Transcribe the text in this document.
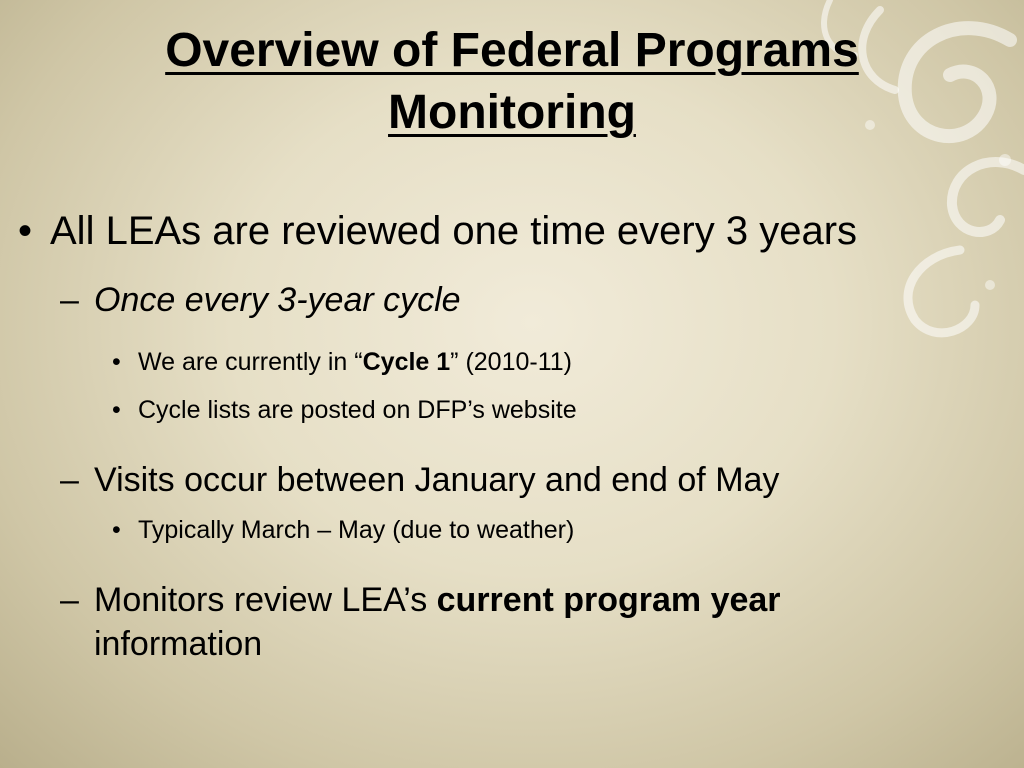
Overview of Federal Programs
Monitoring
• All LEAs are reviewed one time every 3 years
– Once every 3-year cycle
• We are currently in “Cycle 1” (2010-11)
• Cycle lists are posted on DFP’s website
– Visits occur between January and end of May
• Typically March – May (due to weather)
– Monitors review LEA’s current program year
information
